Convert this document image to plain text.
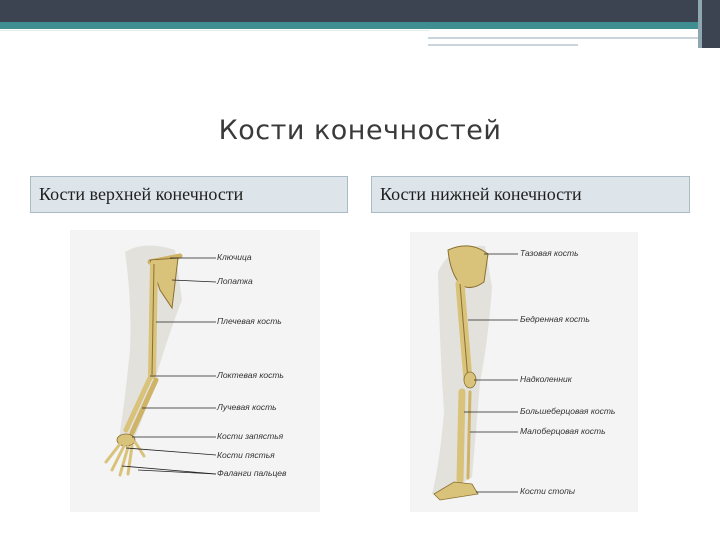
Кости конечностей
Кости верхней конечности	Кости нижней конечности
Ключица
Лопатка
Плечевая кость
Локтевая кость
Лучевая кость
Кости запястья
Кости пястья
Фаланги пальцев
Тазовая кость
Бедренная кость
Надколенник
Большеберцовая кость
Малоберцовая кость
Кости стопы
